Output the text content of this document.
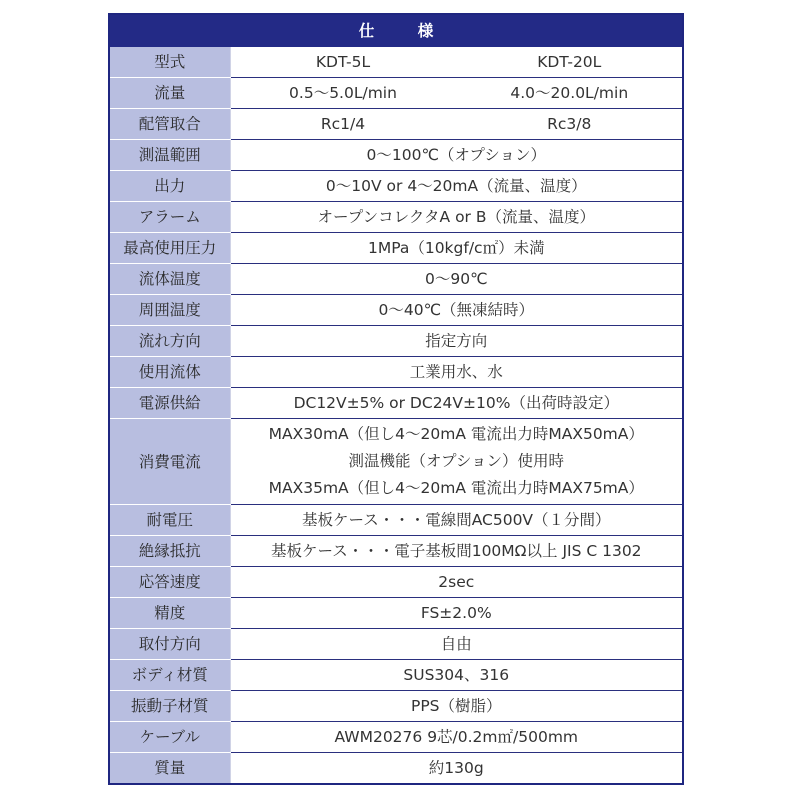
仕　様		
型式	KDT-5L	KDT-20L
流量	0.5～5.0L/min	4.0～20.0L/min
配管取合	Rc1/4	Rc3/8
測温範囲	0～100℃（オプション）	
出力	0～10V or 4～20mA（流量、温度）	
アラーム	オープンコレクタA or B（流量、温度）	
最高使用圧力	1MPa（10kgf/c㎡）未満	
流体温度	0～90℃	
周囲温度	0～40℃（無凍結時）	
流れ方向	指定方向	
使用流体	工業用水、水	
電源供給	DC12V±5% or DC24V±10%（出荷時設定）	
消費電流	MAX30mA（但し4～20mA 電流出力時MAX50mA）
測温機能（オプション）使用時
MAX35mA（但し4～20mA 電流出力時MAX75mA）	

耐電圧	基板ケース・・・電線間AC500V（１分間）	
絶縁抵抗	基板ケース・・・電子基板間100MΩ以上 JIS C 1302	
応答速度	2sec	
精度	FS±2.0%	
取付方向	自由	
ボディ材質	SUS304、316	
振動子材質	PPS（樹脂）	
ケーブル	AWM20276 9芯/0.2m㎡/500mm	
質量	約130g	
